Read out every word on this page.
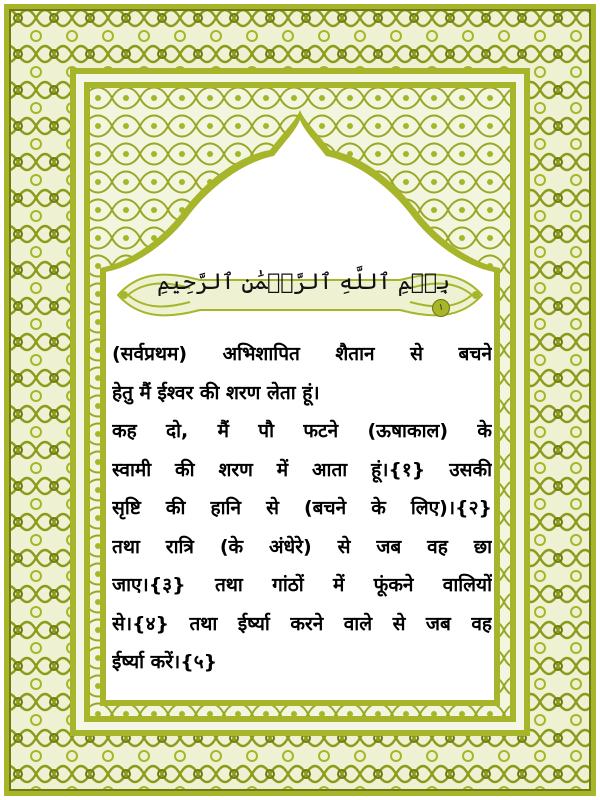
بِسۡمِ ٱللَّهِ ٱلرَّحۡمَٰنِ ٱلرَّحِيمِ ١
(सर्वप्रथम) अभिशापित शैतान से बचने
हेतु मैं ईश्वर की शरण लेता हूं।
कह दो, मैं पौ फटने (ऊषाकाल) के
स्वामी की शरण में आता हूं।{१} उसकी
सृष्टि की हानि से (बचने के लिए)।{२}
तथा रात्रि (के अंधेरे) से जब वह छा
जाए।{३} तथा गांठों में फूंकने वालियों
से।{४} तथा ईर्ष्या करने वाले से जब वह
ईर्ष्या करें।{५}
